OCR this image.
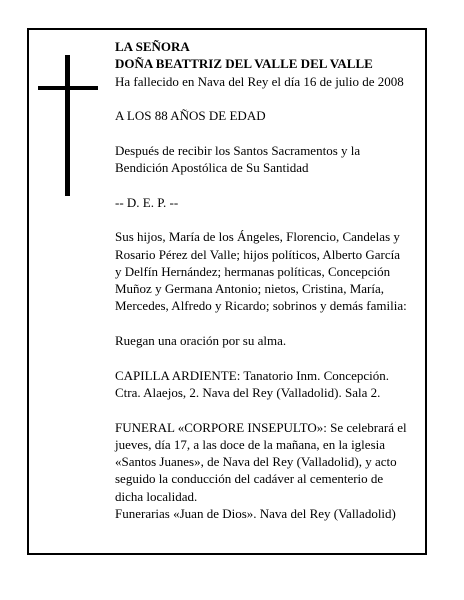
LA SEÑORA

DOÑA BEATTRIZ DEL VALLE DEL VALLE

Ha fallecido en Nava del Rey el día 16 de julio de 2008

A LOS 88 AÑOS DE EDAD

Después de recibir los Santos Sacramentos y la

Bendición Apostólica de Su Santidad

-- D. E. P. --

Sus hijos, María de los Ángeles, Florencio, Candelas y

Rosario Pérez del Valle; hijos políticos, Alberto García

y Delfín Hernández; hermanas políticas, Concepción

Muñoz y Germana Antonio; nietos, Cristina, María,

Mercedes, Alfredo y Ricardo; sobrinos y demás familia:

Ruegan una oración por su alma.

CAPILLA ARDIENTE: Tanatorio Inm. Concepción.

Ctra. Alaejos, 2. Nava del Rey (Valladolid). Sala 2.

FUNERAL «CORPORE INSEPULTO»: Se celebrará el

jueves, día 17, a las doce de la mañana, en la iglesia

«Santos Juanes», de Nava del Rey (Valladolid), y acto

seguido la conducción del cadáver al cementerio de

dicha localidad.

Funerarias «Juan de Dios». Nava del Rey (Valladolid)
